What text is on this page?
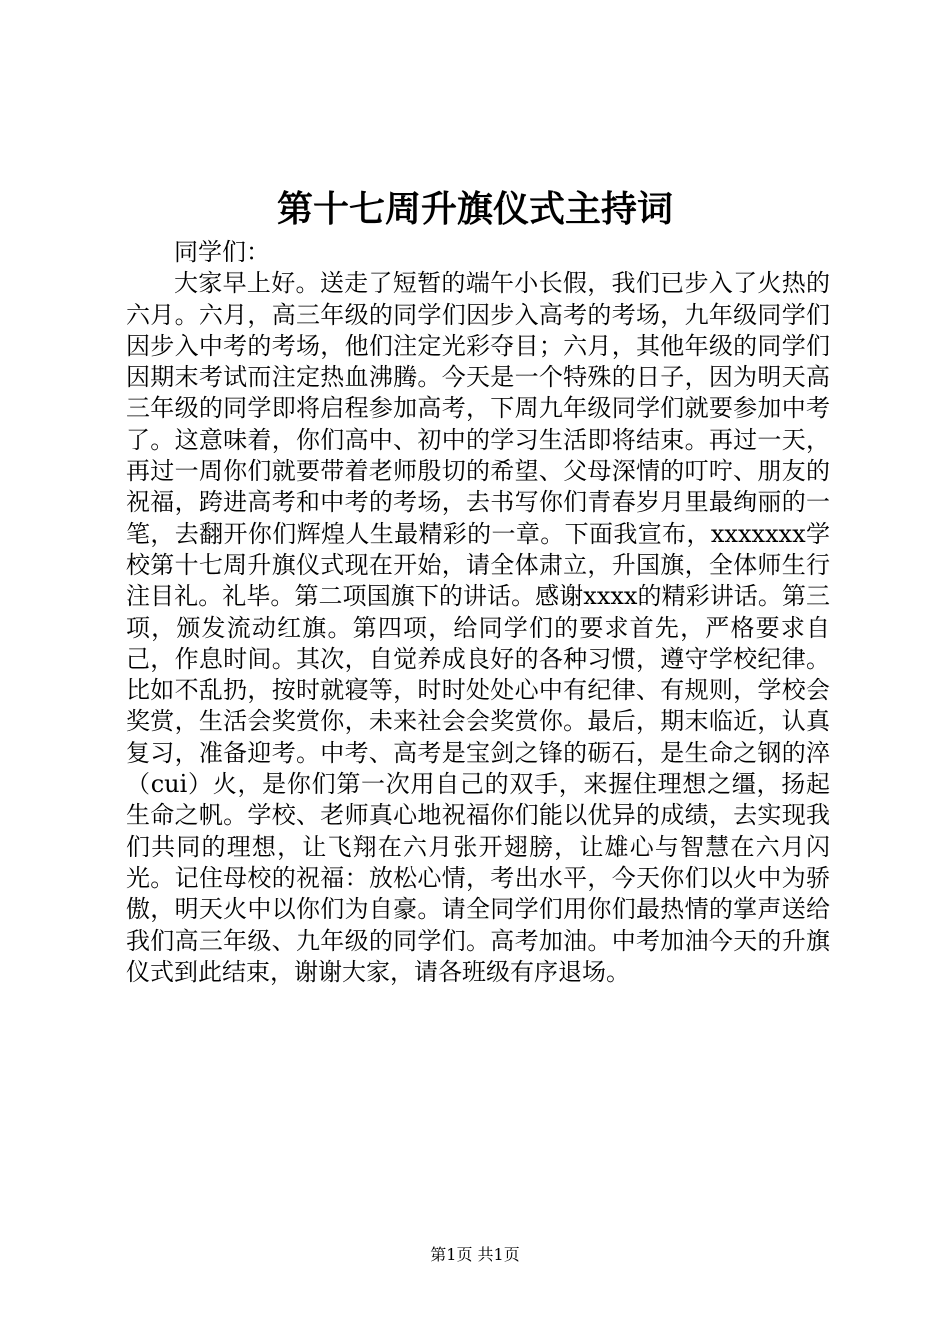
第十七周升旗仪式主持词

同学们：

大家早上好。送走了短暂的端午小长假，我们已步入了火热的六月。六月，高三年级的同学们因步入高考的考场，九年级同学们因步入中考的考场，他们注定光彩夺目；六月，其他年级的同学们因期末考试而注定热血沸腾。今天是一个特殊的日子，因为明天高三年级的同学即将启程参加高考，下周九年级同学们就要参加中考了。这意味着，你们高中、初中的学习生活即将结束。再过一天，再过一周你们就要带着老师殷切的希望、父母深情的叮咛、朋友的祝福，跨进高考和中考的考场，去书写你们青春岁月里最绚丽的一笔，去翻开你们辉煌人生最精彩的一章。下面我宣布，xxxxxxx学校第十七周升旗仪式现在开始，请全体肃立，升国旗，全体师生行注目礼。礼毕。第二项国旗下的讲话。感谢xxxx的精彩讲话。第三项，颁发流动红旗。第四项，给同学们的要求首先，严格要求自己，作息时间。其次，自觉养成良好的各种习惯，遵守学校纪律。比如不乱扔，按时就寝等，时时处处心中有纪律、有规则，学校会奖赏，生活会奖赏你，未来社会会奖赏你。最后，期末临近，认真复习，准备迎考。中考、高考是宝剑之锋的砺石，是生命之钢的淬（cui）火，是你们第一次用自己的双手，来握住理想之缰，扬起生命之帆。学校、老师真心地祝福你们能以优异的成绩，去实现我们共同的理想，让飞翔在六月张开翅膀，让雄心与智慧在六月闪光。记住母校的祝福：放松心情，考出水平，今天你们以火中为骄傲，明天火中以你们为自豪。请全同学们用你们最热情的掌声送给我们高三年级、九年级的同学们。高考加油。中考加油今天的升旗仪式到此结束，谢谢大家，请各班级有序退场。

第1页 共1页
